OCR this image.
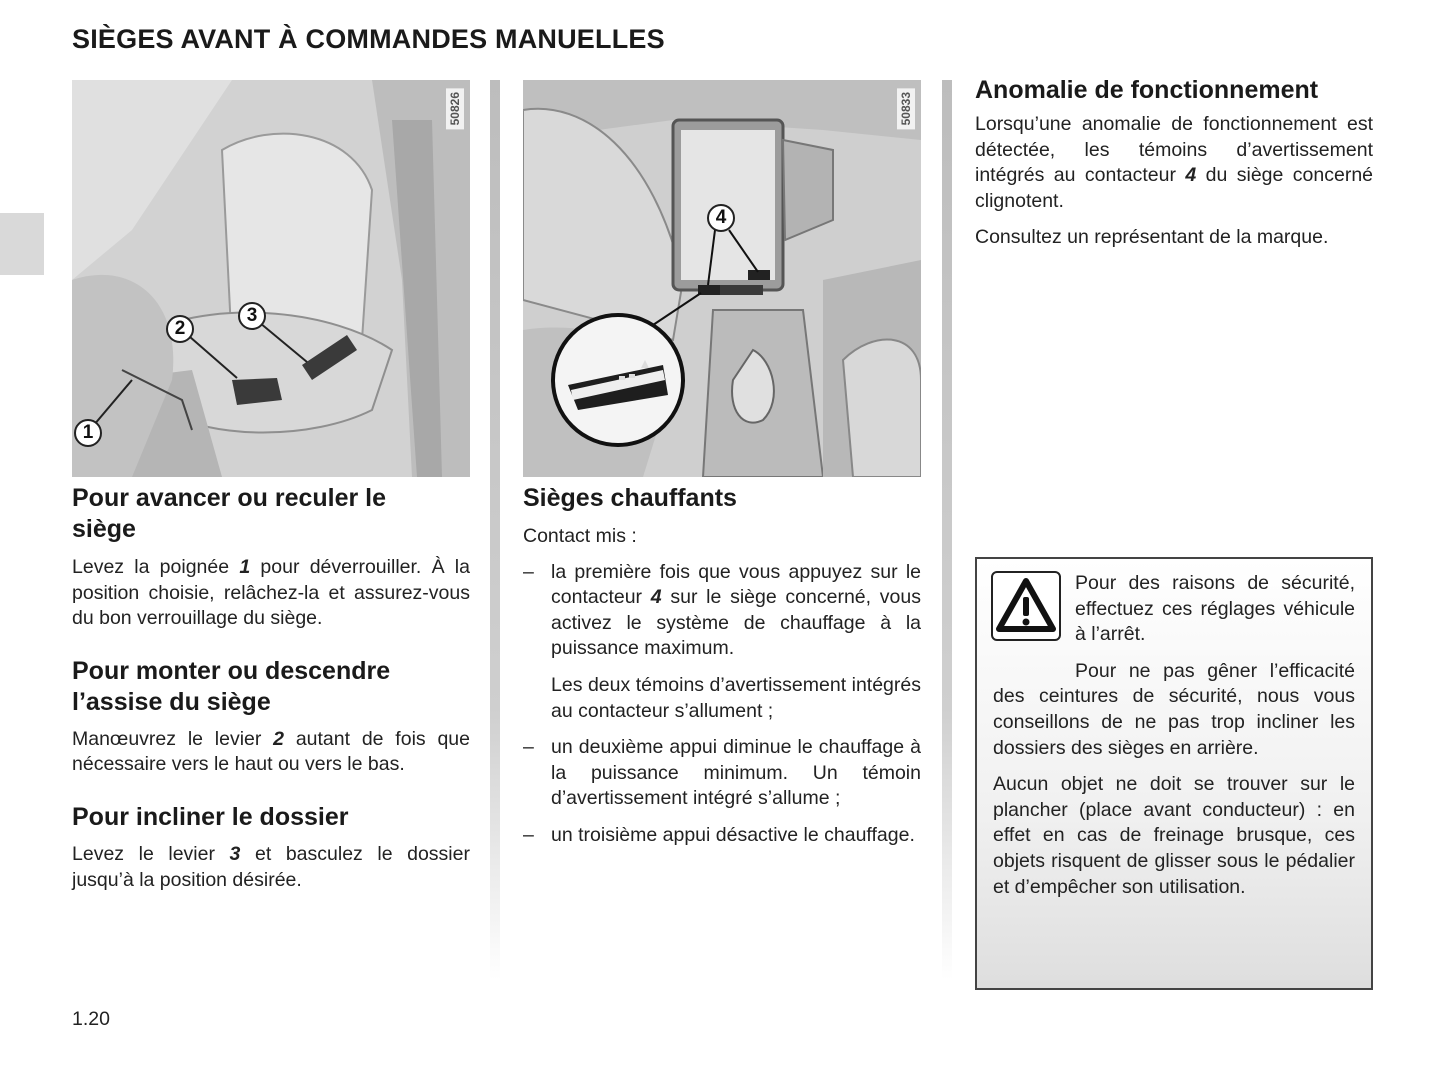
SIÈGES AVANT À COMMANDES MANUELLES
50826
1
2
3
Pour avancer ou reculer le
siège

Levez la poignée 1 pour déverrouiller. À la position choisie, relâchez-la et assurez-vous du bon verrouillage du siège.

Pour monter ou descendre
l’assise du siège

Manœuvrez le levier 2 autant de fois que nécessaire vers le haut ou vers le bas.

Pour incliner le dossier

Levez le levier 3 et basculez le dossier jusqu’à la position désirée.

50833
4
Sièges chauffants

Contact mis :

– la première fois que vous appuyez sur le contacteur 4 sur le siège concerné, vous activez le système de chauffage à la puissance maximum.
Les deux témoins d’avertissement intégrés au contacteur s’allument ;
– un deuxième appui diminue le chauffage à la puissance minimum. Un témoin d’avertissement intégré s’allume ;
– un troisième appui désactive le chauffage.
Anomalie de fonctionnement

Lorsqu’une anomalie de fonctionnement est détectée, les témoins d’avertissement intégrés au contacteur 4 du siège concerné clignotent.

Consultez un représentant de la marque.

Pour des raisons de sécurité, effectuez ces réglages véhicule à l’arrêt.

Pour ne pas gêner l’efficacité des ceintures de sécurité, nous vous conseillons de ne pas trop incliner les dossiers des sièges en arrière.

Aucun objet ne doit se trouver sur le plancher (place avant conducteur) : en effet en cas de freinage brusque, ces objets risquent de glisser sous le pédalier et d’empêcher son utilisation.

1.20
